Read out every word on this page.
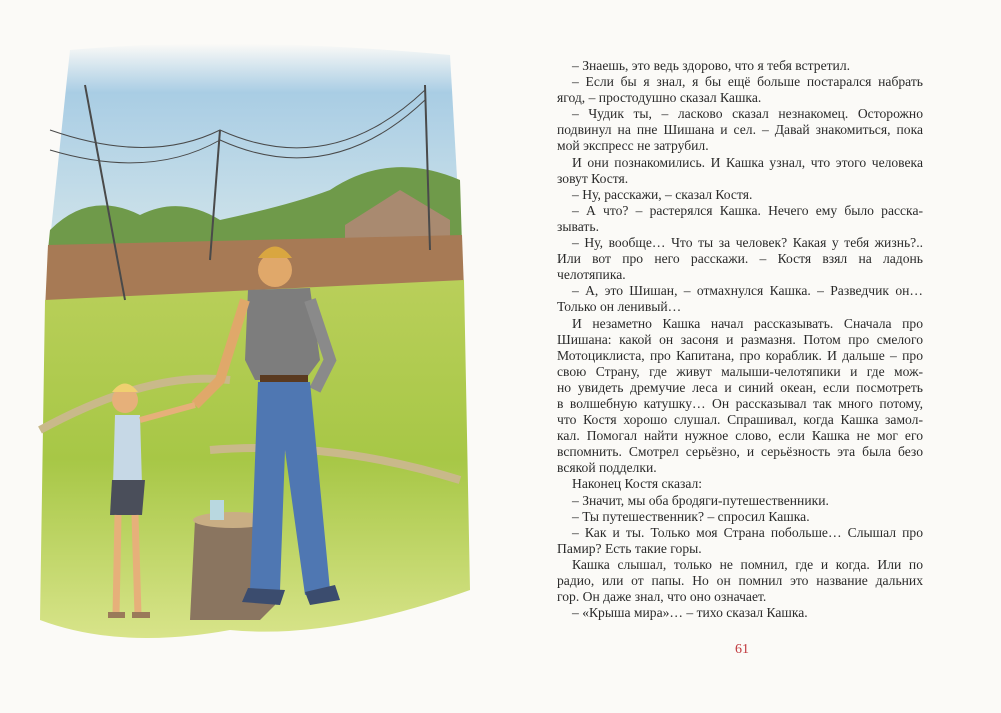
– Знаешь, это ведь здорово, что я тебя встретил.
– Если бы я знал, я бы ещё больше постарался набрать
ягод, – простодушно сказал Кашка.
– Чудик ты, – ласково сказал незнакомец. Осторожно
подвинул на пне Шишана и сел. – Давай знакомиться, пока
мой экспресс не затрубил.
И они познакомились. И Кашка узнал, что этого человека
зовут Костя.
– Ну, расскажи, – сказал Костя.
– А что? – растерялся Кашка. Нечего ему было расска-
зывать.
– Ну, вообще… Что ты за человек? Какая у тебя жизнь?..
Или вот про него расскажи. – Костя взял на ладонь
челотяпика.
– А, это Шишан, – отмахнулся Кашка. – Разведчик он…
Только он ленивый…
И незаметно Кашка начал рассказывать. Сначала про
Шишана: какой он засоня и размазня. Потом про смелого
Мотоциклиста, про Капитана, про кораблик. И дальше – про
свою Страну, где живут малыши-челотяпики и где мож-
но увидеть дремучие леса и синий океан, если посмотреть
в волшебную катушку… Он рассказывал так много потому,
что Костя хорошо слушал. Спрашивал, когда Кашка замол-
кал. Помогал найти нужное слово, если Кашка не мог его
вспомнить. Смотрел серьёзно, и серьёзность эта была безо
всякой подделки.
Наконец Костя сказал:
– Значит, мы оба бродяги-путешественники.
– Ты путешественник? – спросил Кашка.
– Как и ты. Только моя Страна побольше… Слышал про
Памир? Есть такие горы.
Кашка слышал, только не помнил, где и когда. Или по
радио, или от папы. Но он помнил это название дальних
гор. Он даже знал, что оно означает.
– «Крыша мира»… – тихо сказал Кашка.
61
